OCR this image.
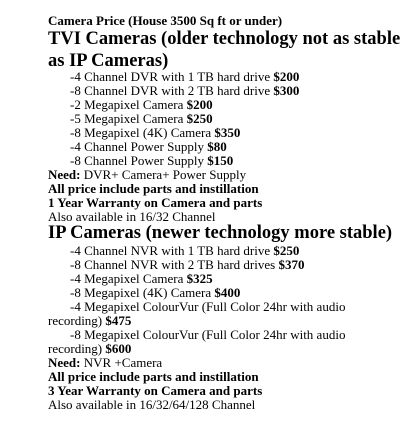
Camera Price (House 3500 Sq ft or under)
TVI Cameras (older technology not as stable
as IP Cameras)
-4 Channel DVR with 1 TB hard drive $200
-8 Channel DVR with 2 TB hard drive $300
-2 Megapixel Camera $200
-5 Megapixel Camera $250
-8 Megapixel (4K) Camera $350
-4 Channel Power Supply $80
-8 Channel Power Supply $150
Need: DVR+ Camera+ Power Supply
All price include parts and instillation
1 Year Warranty on Camera and parts
Also available in 16/32 Channel
IP Cameras (newer technology more stable)
-4 Channel NVR with 1 TB hard drive $250
-8 Channel NVR with 2 TB hard drives $370
-4 Megapixel Camera $325
-8 Megapixel (4K) Camera $400
-4 Megapixel ColourVur (Full Color 24hr with audio
recording) $475
-8 Megapixel ColourVur (Full Color 24hr with audio
recording) $600
Need: NVR +Camera
All price include parts and instillation
3 Year Warranty on Camera and parts
Also available in 16/32/64/128 Channel
